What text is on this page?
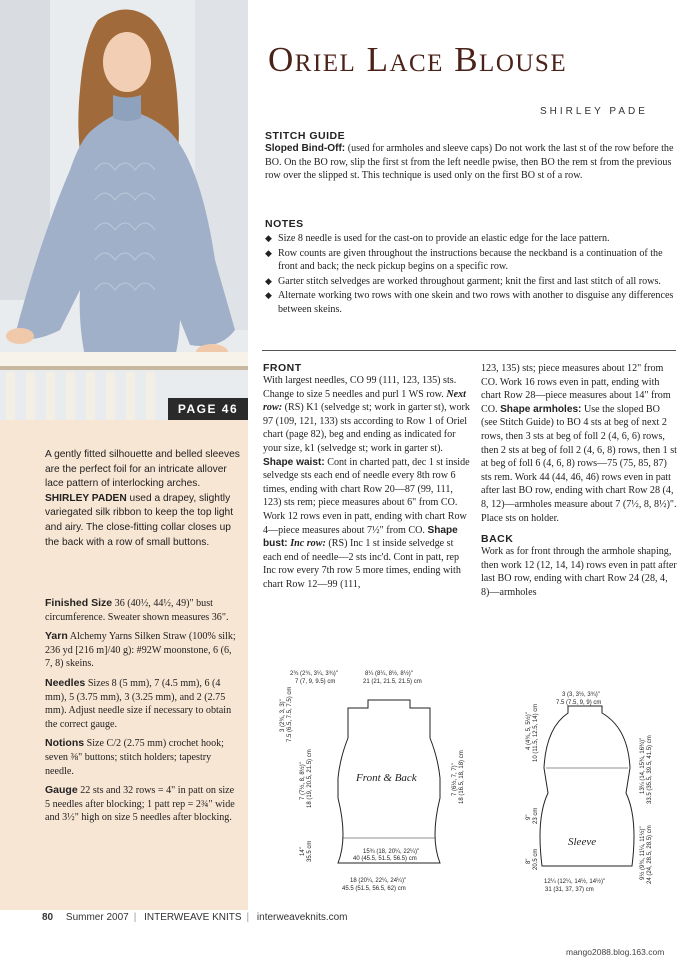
PAGE 46
A gently fitted silhouette and belled sleeves are the perfect foil for an intricate allover lace pattern of interlocking arches. SHIRLEY PADEN used a drapey, slightly variegated silk ribbon to keep the top light and airy. The close-fitting collar closes up the back with a row of small buttons.

Finished Size 36 (40½, 44½, 49)" bust circumference. Sweater shown measures 36".

Yarn Alchemy Yarns Silken Straw (100% silk; 236 yd [216 m]/40 g): #92W moonstone, 6 (6, 7, 8) skeins.

Needles Sizes 8 (5 mm), 7 (4.5 mm), 6 (4 mm), 5 (3.75 mm), 3 (3.25 mm), and 2 (2.75 mm). Adjust needle size if necessary to obtain the correct gauge.

Notions Size C/2 (2.75 mm) crochet hook; seven ⅜" buttons; stitch holders; tapestry needle.

Gauge 22 sts and 32 rows = 4" in patt on size 5 needles after blocking; 1 patt rep = 2¾" wide and 3½" high on size 5 needles after blocking.

Oriel Lace Blouse
SHIRLEY PADE
STITCH GUIDE

Sloped Bind-Off: (used for armholes and sleeve caps) Do not work the last st of the row before the BO. On the BO row, slip the first st from the left needle pwise, then BO the rem st from the previous row over the slipped st. This technique is used only on the first BO st of a row.

NOTES
◆ Size 8 needle is used for the cast-on to provide an elastic edge for the lace pattern.
◆ Row counts are given throughout the instructions because the neckband is a continuation of the front and back; the neck pickup begins on a specific row.
◆ Garter stitch selvedges are worked throughout garment; knit the first and last stitch of all rows.
◆ Alternate working two rows with one skein and two rows with another to disguise any differences between skeins.
FRONT

With largest needles, CO 99 (111, 123, 135) sts. Change to size 5 needles and purl 1 WS row. Next row: (RS) K1 (selvedge st; work in garter st), work 97 (109, 121, 133) sts according to Row 1 of Oriel chart (page 82), beg and ending as indicated for your size, k1 (selvedge st; work in garter st). Shape waist: Cont in charted patt, dec 1 st inside selvedge sts each end of needle every 8th row 6 times, ending with chart Row 20—87 (99, 111, 123) sts rem; piece measures about 6" from CO. Work 12 rows even in patt, ending with chart Row 4—piece measures about 7½" from CO. Shape bust: Inc row: (RS) Inc 1 st inside selvedge st each end of needle—2 sts inc'd. Cont in patt, rep Inc row every 7th row 5 more times, ending with chart Row 12—99 (111,

123, 135) sts; piece measures about 12" from CO. Work 16 rows even in patt, ending with chart Row 28—piece measures about 14" from CO. Shape armholes: Use the sloped BO (see Stitch Guide) to BO 4 sts at beg of next 2 rows, then 3 sts at beg of foll 2 (4, 6, 6) rows, then 2 sts at beg of foll 2 (4, 6, 8) rows, then 1 st at beg of foll 6 (4, 6, 8) rows—75 (75, 85, 87) sts rem. Work 44 (44, 46, 46) rows even in patt after last BO row, ending with chart Row 28 (4, 8, 12)—armholes measure about 7 (7½, 8, 8½)". Place sts on holder.

BACK

Work as for front through the armhole shaping, then work 12 (12, 14, 14) rows even in patt after last BO row, ending with chart Row 24 (28, 4, 8)—armholes

Front & Back
2¾ (2¾, 3¼, 3¾)"
7 (7, 9, 9.5) cm
8¼ (8¼, 8½, 8½)"
21 (21, 21.5, 21.5) cm
15¾ (18, 20¼, 22¼)"
40 (45.5, 51.5, 56.5) cm
18 (20¼, 22¼, 24¼)"
45.5 (51.5, 56.5, 62) cm
3 (2¾, 3, 3)" 7.5 (6.5, 7.5, 7.5) cm
7 (7½, 8, 8½)" 18 (19, 20.5, 21.5) cm
14" 35.5 cm
7 (6½, 7, 7)" 18 (16.5, 18, 18) cm
Sleeve
3 (3, 3½, 3¾)"
7.5 (7.5, 9, 9) cm
12¼ (12¼, 14½, 14½)"
31 (31, 37, 37) cm
4 (4¾, 5, 5½)" 10 (11.5, 12.5, 14) cm
9" 23 cm
8" 20.5 cm
13¼ (14, 15¾, 16¾)" 33.5 (35.5, 39.5, 41.5) cm
9½ (9¾, 11¼, 11½)" 24 (24, 28.5, 28.5) cm
80 Summer 2007 | INTERWEAVE KNITS | interweaveknits.com
mango2088.blog.163.com
